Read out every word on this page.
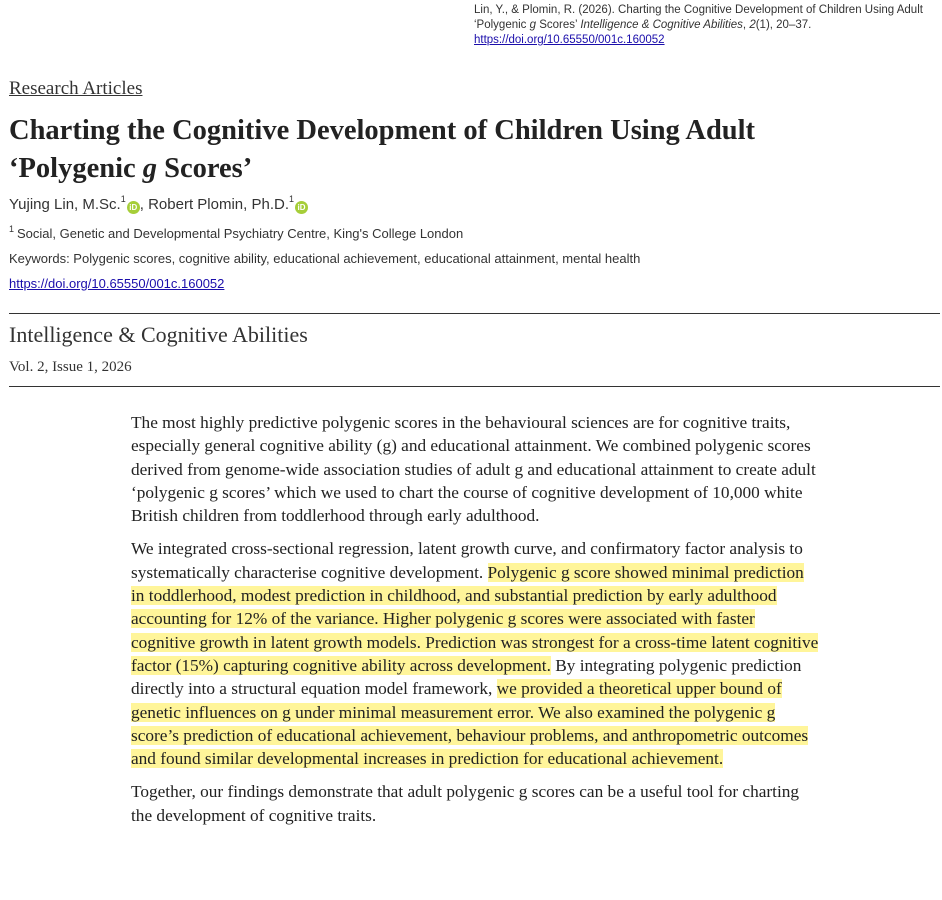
Lin, Y., & Plomin, R. (2026). Charting the Cognitive Development of Children Using Adult ‘Polygenic g Scores’ Intelligence & Cognitive Abilities, 2(1), 20–37.
https://doi.org/10.65550/001c.160052
Research Articles
Charting the Cognitive Development of Children Using Adult
‘Polygenic g Scores’
Yujing Lin, M.Sc.$^1$iD , Robert Plomin, Ph.D.$^1$iD
$^1$ Social, Genetic and Developmental Psychiatry Centre, King's College London
Keywords: Polygenic scores, cognitive ability, educational achievement, educational attainment, mental health
https://doi.org/10.65550/001c.160052
Intelligence & Cognitive Abilities
Vol. 2, Issue 1, 2026

The most highly predictive polygenic scores in the behavioural sciences are for cognitive traits, especially general cognitive ability (g) and educational attainment. We combined polygenic scores derived from genome-wide association studies of adult g and educational attainment to create adult ‘polygenic g scores’ which we used to chart the course of cognitive development of 10,000 white British children from toddlerhood through early adulthood.

We integrated cross-sectional regression, latent growth curve, and confirmatory factor analysis to systematically characterise cognitive development. Polygenic g score showed minimal prediction in toddlerhood, modest prediction in childhood, and substantial prediction by early adulthood accounting for 12% of the variance. Higher polygenic g scores were associated with faster cognitive growth in latent growth models. Prediction was strongest for a cross-time latent cognitive factor (15%) capturing cognitive ability across development. By integrating polygenic prediction directly into a structural equation model framework, we provided a theoretical upper bound of genetic influences on g under minimal measurement error. We also examined the polygenic g score’s prediction of educational achievement, behaviour problems, and anthropometric outcomes and found similar developmental increases in prediction for educational achievement.

Together, our findings demonstrate that adult polygenic g scores can be a useful tool for charting the development of cognitive traits.
